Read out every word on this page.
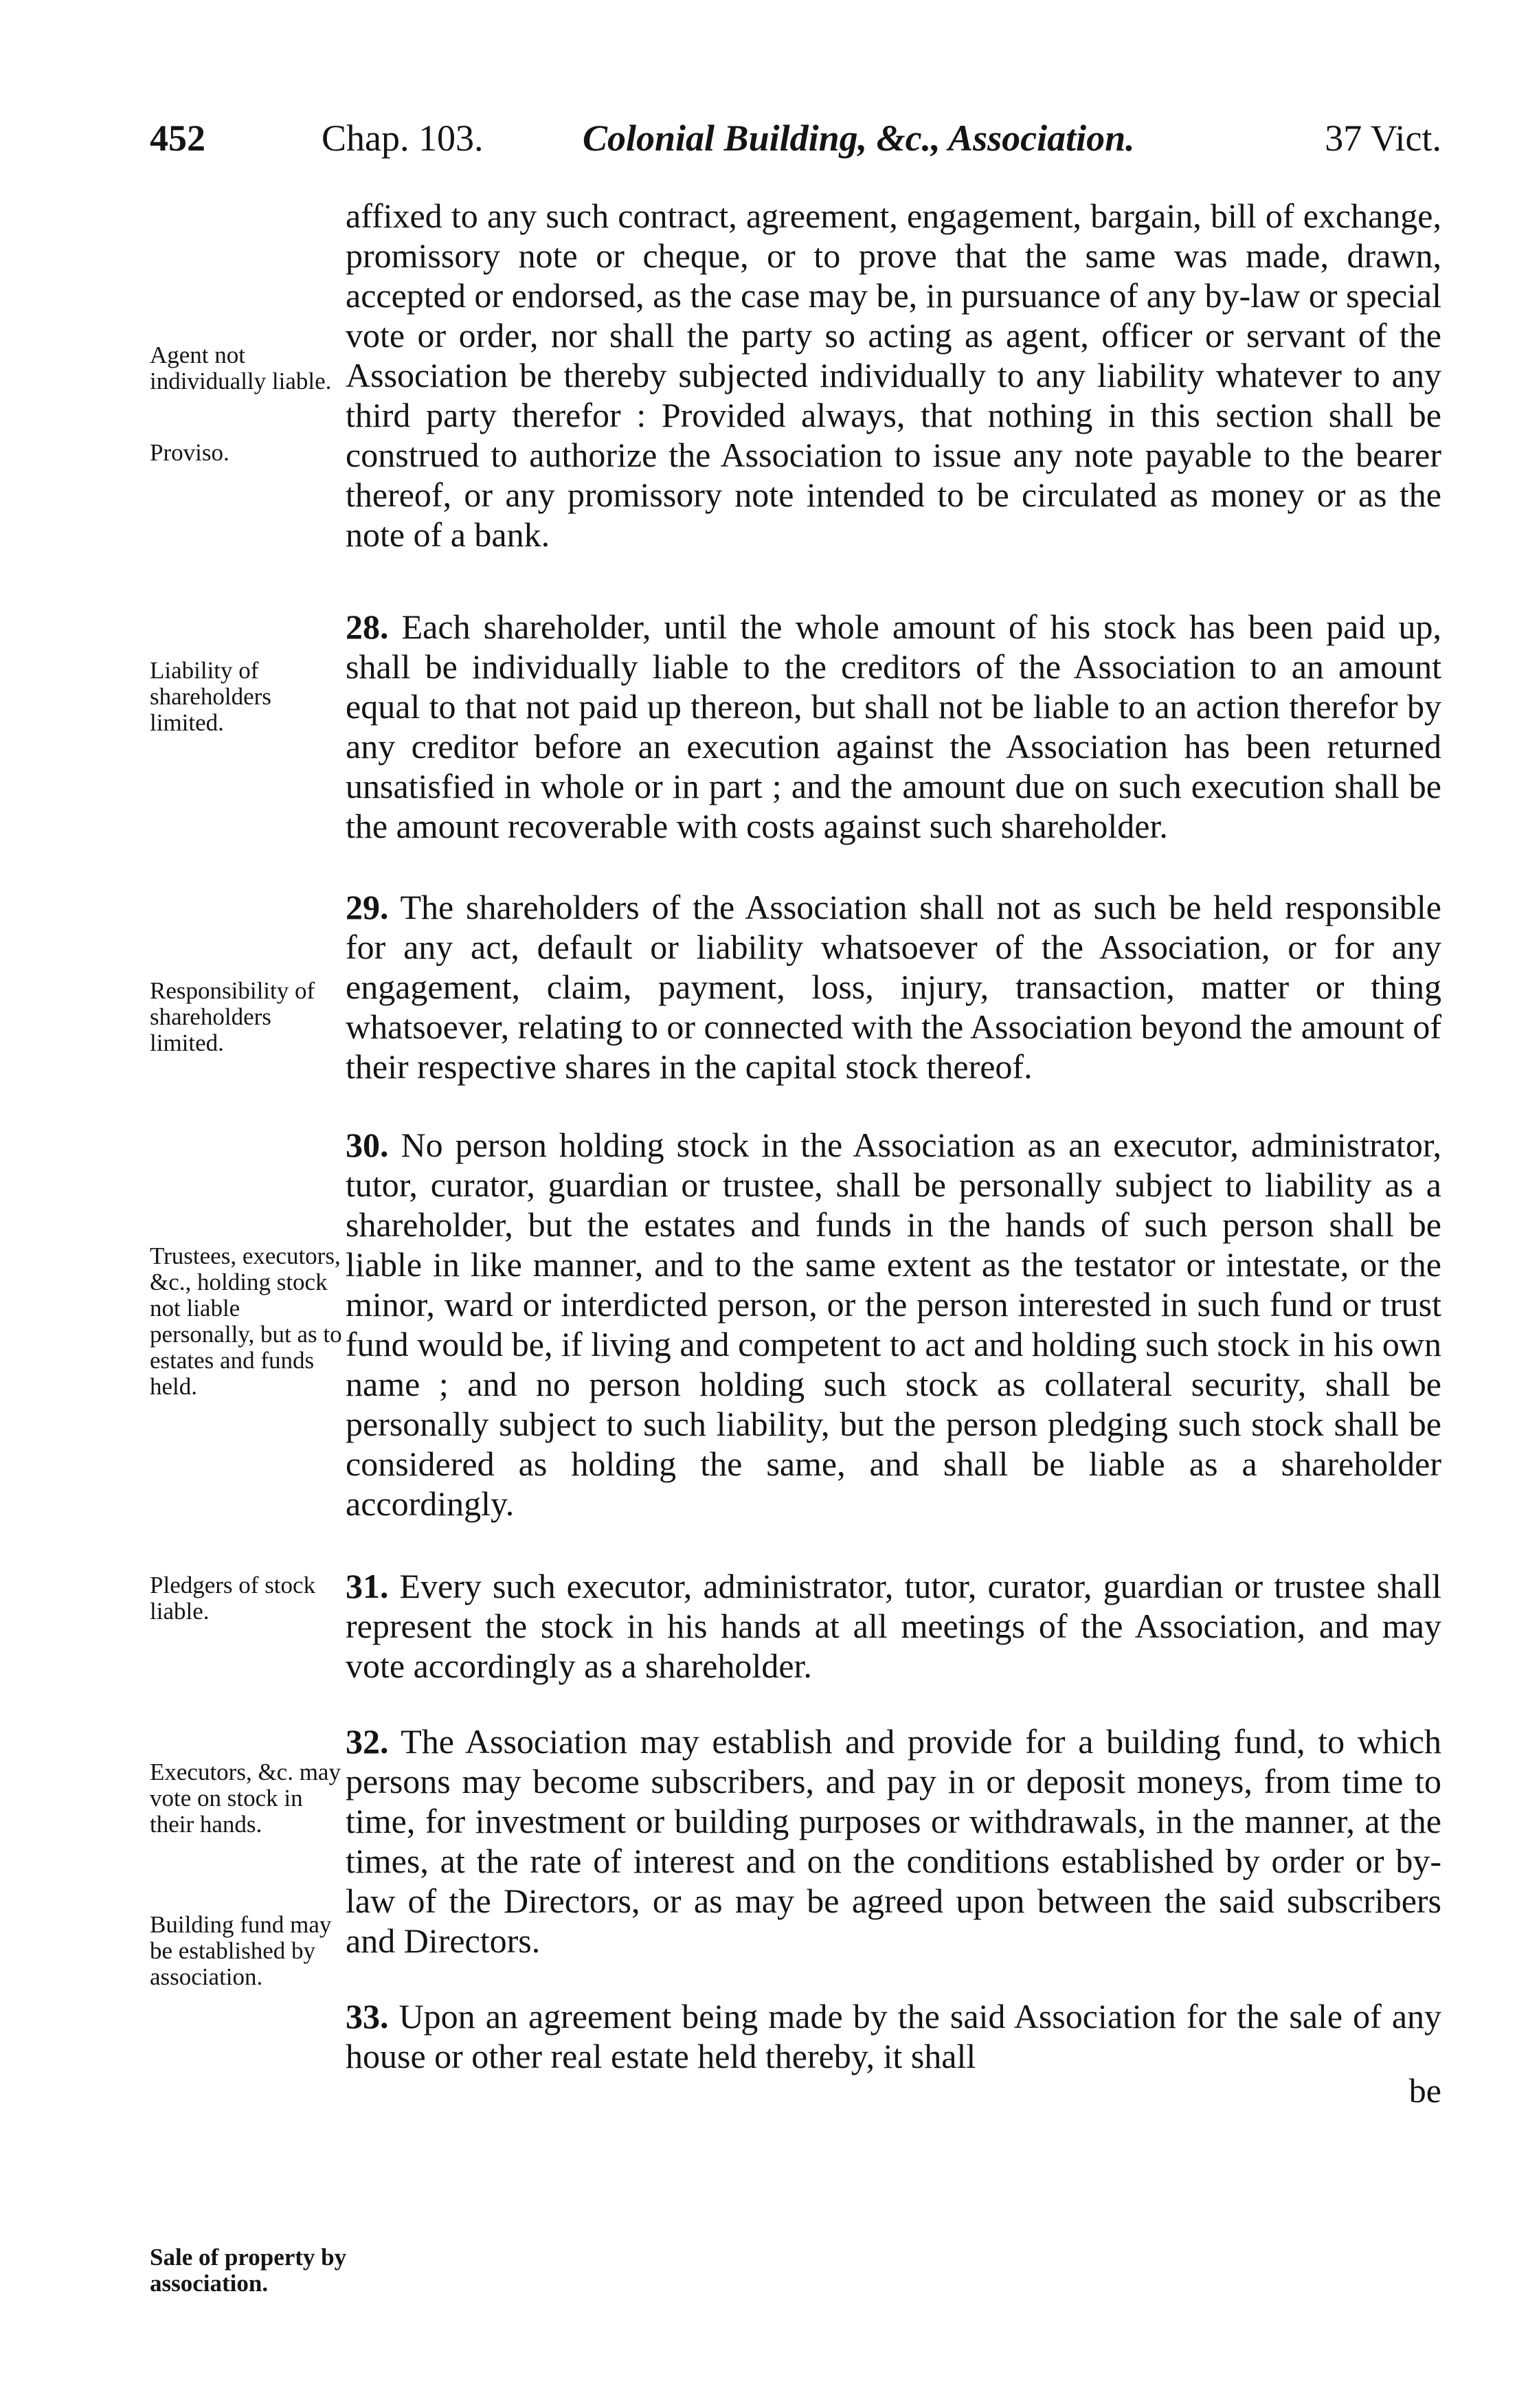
452	Chap. 103.	Colonial Building, &c., Association.	37 Vict.
Agent not individually liable.
Proviso.
Liability of shareholders limited.
Responsibility of shareholders limited.
Trustees, executors, &c., holding stock not liable personally, but as to estates and funds held.
Pledgers of stock liable.
Executors, &c. may vote on stock in their hands.
Building fund may be established by association.
Sale of property by association.

affixed to any such contract, agreement, engagement, bargain, bill of exchange, promissory note or cheque, or to prove that the same was made, drawn, accepted or endorsed, as the case may be, in pursuance of any by-law or special vote or order, nor shall the party so acting as agent, officer or servant of the Association be thereby subjected individually to any liability whatever to any third party therefor : Provided always, that nothing in this section shall be construed to authorize the Association to issue any note payable to the bearer thereof, or any promissory note intended to be circulated as money or as the note of a bank.

28. Each shareholder, until the whole amount of his stock has been paid up, shall be individually liable to the creditors of the Association to an amount equal to that not paid up thereon, but shall not be liable to an action therefor by any creditor before an execution against the Association has been returned unsatisfied in whole or in part ; and the amount due on such execution shall be the amount recoverable with costs against such shareholder.

29. The shareholders of the Association shall not as such be held responsible for any act, default or liability whatsoever of the Association, or for any engagement, claim, payment, loss, injury, transaction, matter or thing whatsoever, relating to or connected with the Association beyond the amount of their respective shares in the capital stock thereof.

30. No person holding stock in the Association as an executor, administrator, tutor, curator, guardian or trustee, shall be personally subject to liability as a shareholder, but the estates and funds in the hands of such person shall be liable in like manner, and to the same extent as the testator or intestate, or the minor, ward or interdicted person, or the person interested in such fund or trust fund would be, if living and competent to act and holding such stock in his own name ; and no person holding such stock as collateral security, shall be personally subject to such liability, but the person pledging such stock shall be considered as holding the same, and shall be liable as a shareholder accordingly.

31. Every such executor, administrator, tutor, curator, guardian or trustee shall represent the stock in his hands at all meetings of the Association, and may vote accordingly as a shareholder.

32. The Association may establish and provide for a building fund, to which persons may become subscribers, and pay in or deposit moneys, from time to time, for investment or building purposes or withdrawals, in the manner, at the times, at the rate of interest and on the conditions established by order or by-law of the Directors, or as may be agreed upon between the said subscribers and Directors.

33. Upon an agreement being made by the said Association for the sale of any house or other real estate held thereby, it shall

be
